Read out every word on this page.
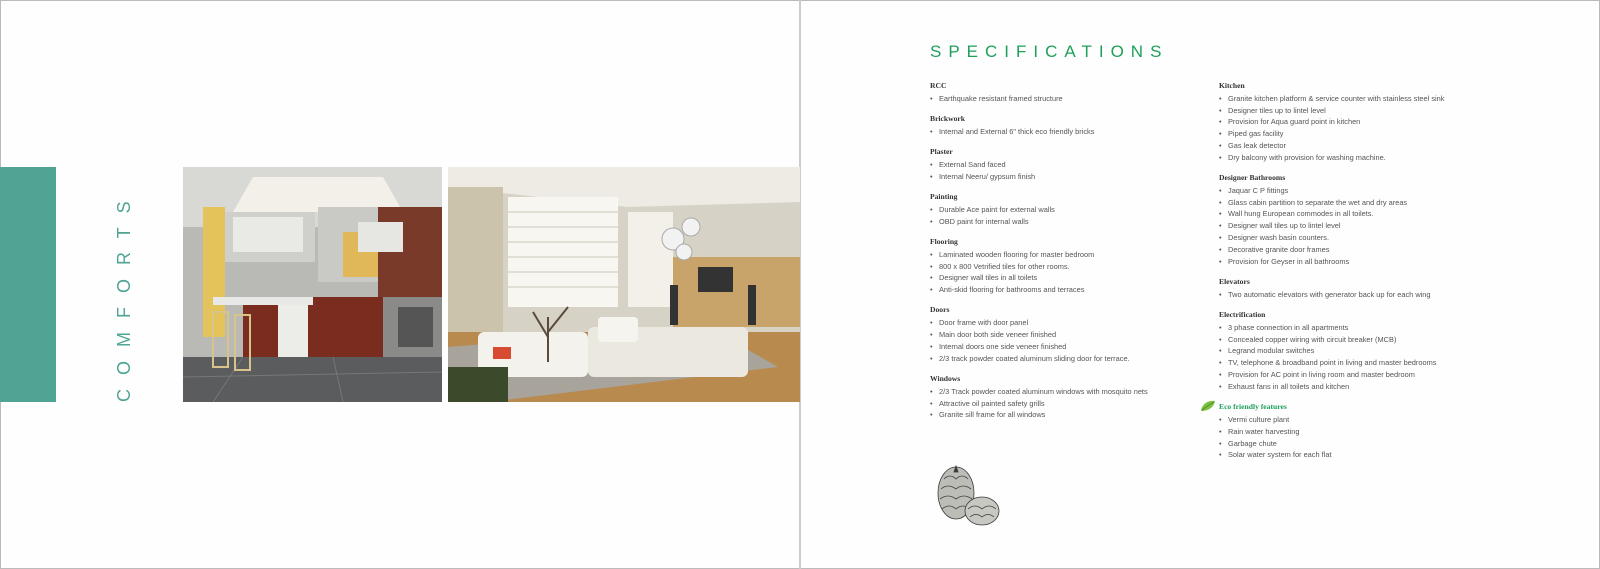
COMFORTS
SPECIFICATIONS
RCC
• Earthquake resistant framed structure
Brickwork
• Internal and External 6" thick eco friendly bricks
Plaster
• External Sand faced
• Internal Neeru/ gypsum finish
Painting
• Durable Ace paint for external walls
• OBD paint for internal walls
Flooring
• Laminated wooden flooring for master bedroom
• 800 x 800 Vetrified tiles for other rooms.
• Designer wall tiles in all toilets
• Anti-skid flooring for bathrooms and terraces
Doors
• Door frame with door panel
• Main door both side veneer finished
• Internal doors one side veneer finished
• 2/3 track powder coated aluminum sliding door for terrace.
Windows
• 2/3 Track powder coated aluminum windows with mosquito nets
• Attractive oil painted safety grills
• Granite sill frame for all windows
Kitchen
• Granite kitchen platform & service counter with stainless steel sink
• Designer tiles up to lintel level
• Provision for Aqua guard point in kitchen
• Piped gas facility
• Gas leak detector
• Dry balcony with provision for washing machine.
Designer Bathrooms
• Jaquar C P fittings
• Glass cabin partition to separate the wet and dry areas
• Wall hung European commodes in all toilets.
• Designer wall tiles up to lintel level
• Designer wash basin counters.
• Decorative granite door frames
• Provision for Geyser in all bathrooms
Elevators
• Two automatic elevators with generator back up for each wing
Electrification
• 3 phase connection in all apartments
• Concealed copper wiring with circuit breaker (MCB)
• Legrand modular switches
• TV, telephone & broadband point in living and master bedrooms
• Provision for AC point in living room and master bedroom
• Exhaust fans in all toilets and kitchen
Eco friendly features
• Vermi culture plant
• Rain water harvesting
• Garbage chute
• Solar water system for each flat
